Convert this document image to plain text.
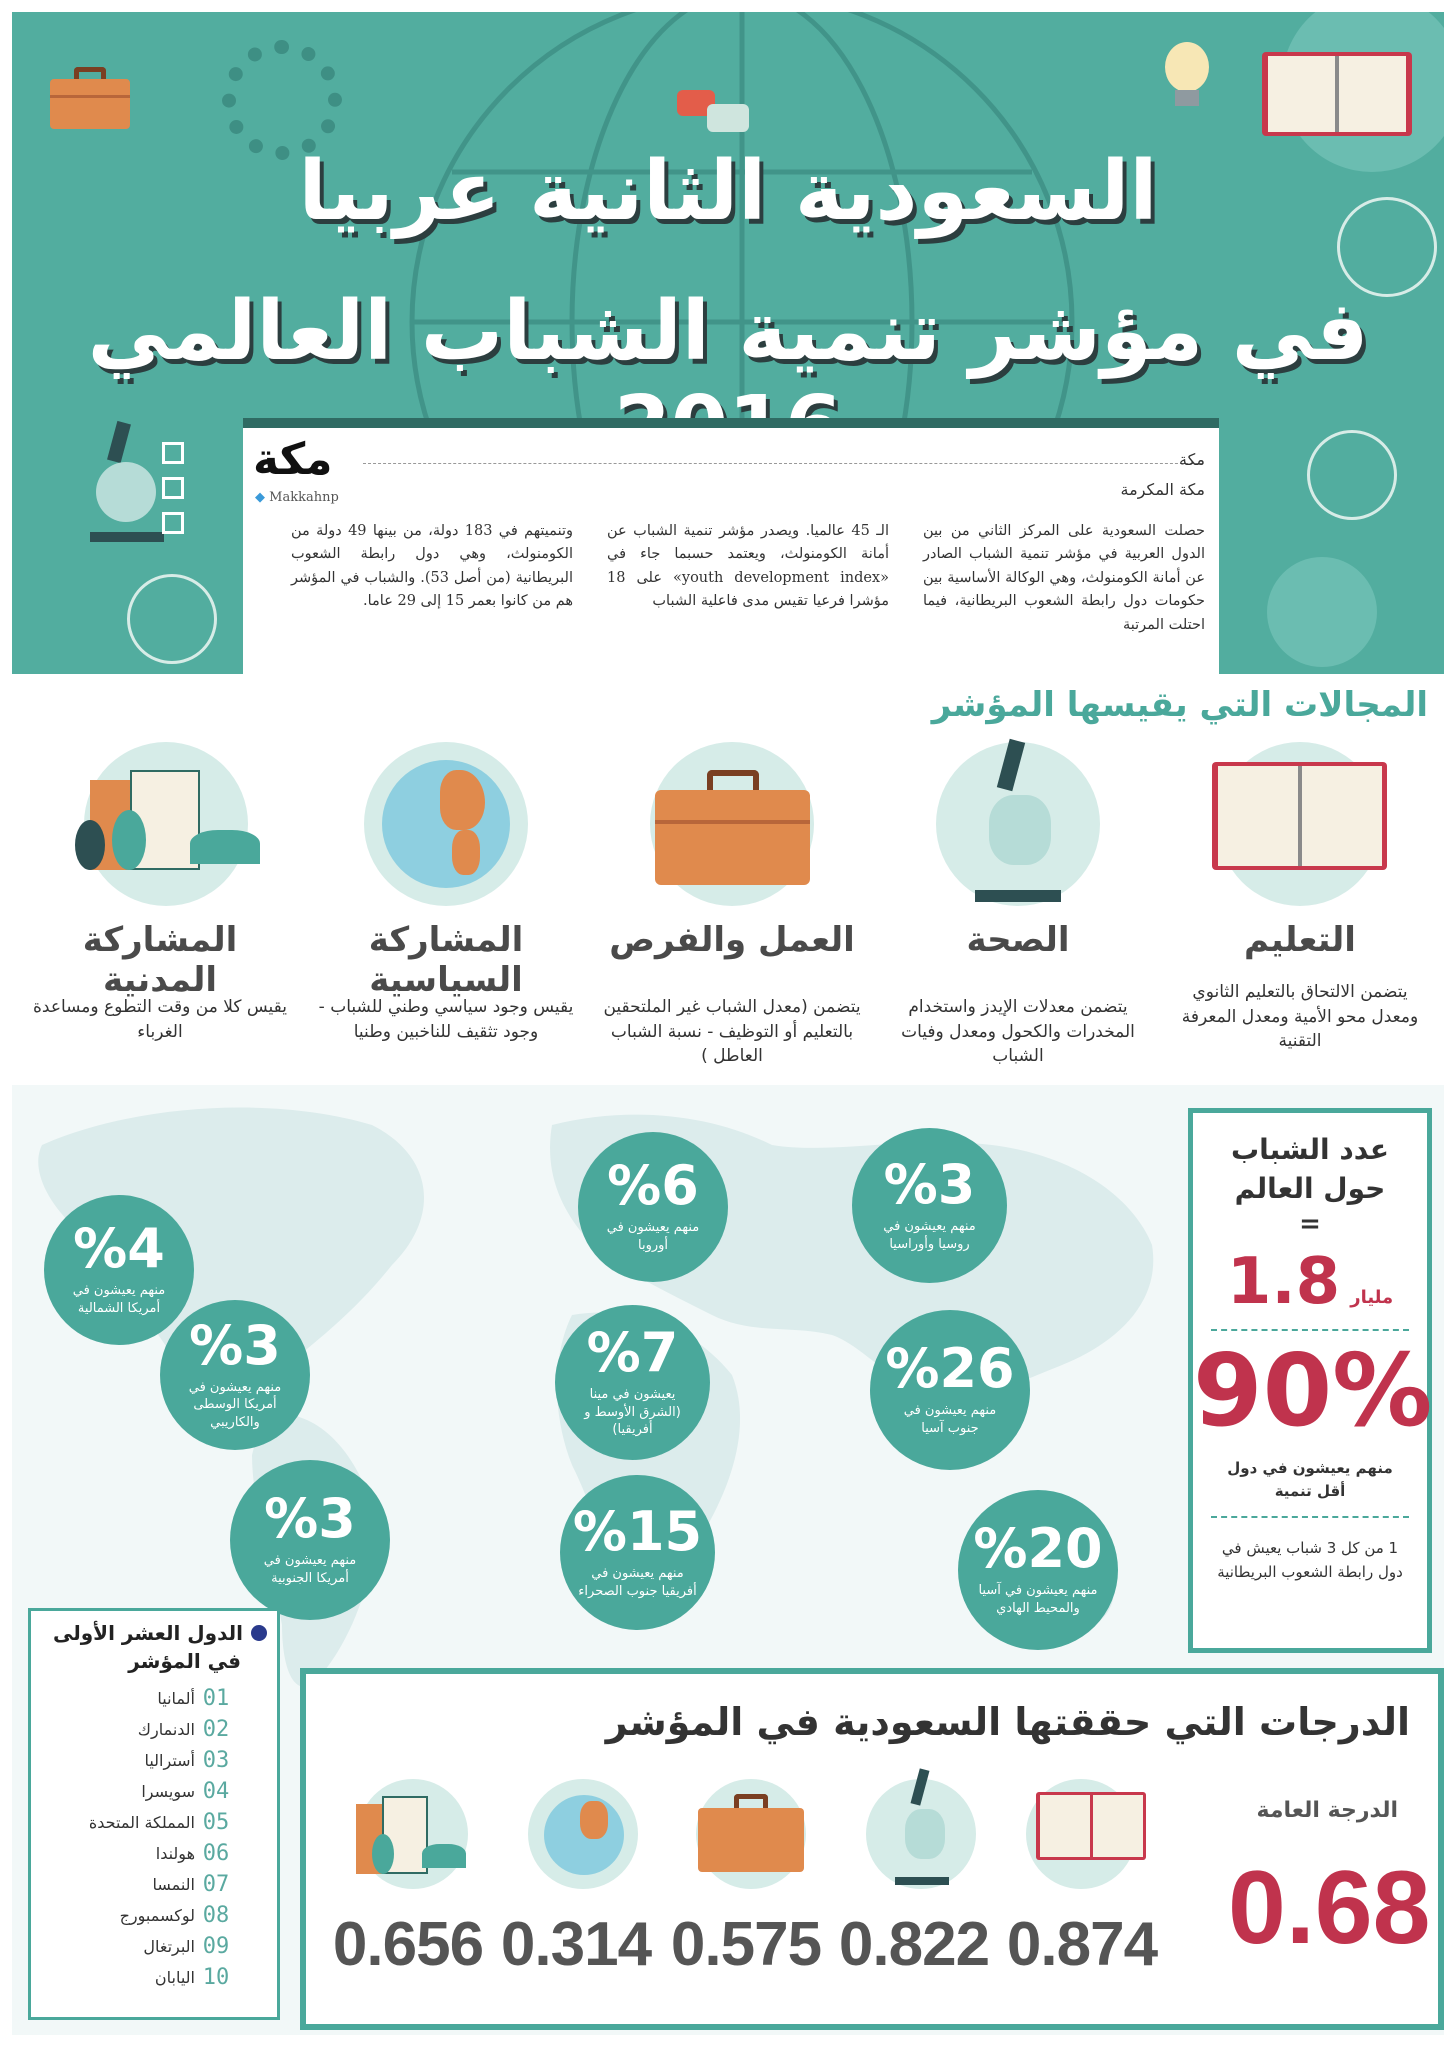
السعودية الثانية عربيا
في مؤشر تنمية الشباب العالمي
مكة
◆ Makkahnp
مكة
مكة المكرمة
حصلت السعودية على المركز الثاني من بين الدول العربية في مؤشر تنمية الشباب الصادر عن أمانة الكومنولث، وهي الوكالة الأساسية بين حكومات دول رابطة الشعوب البريطانية، فيما احتلت المرتبة
الـ 45 عالميا. ويصدر مؤشر تنمية الشباب عن أمانة الكومنولث، ويعتمد حسبما جاء في «youth development index» على 18 مؤشرا فرعيا تقيس مدى فاعلية الشباب
وتنميتهم في 183 دولة، من بينها 49 دولة من الكومنولث، وهي دول رابطة الشعوب البريطانية (من أصل 53). والشباب في المؤشر هم من كانوا بعمر 15 إلى 29 عاما.
المجالات التي يقيسها المؤشر
التعليم
يتضمن الالتحاق بالتعليم الثانوي ومعدل محو الأمية ومعدل المعرفة التقنية
الصحة
يتضمن معدلات الإيدز واستخدام المخدرات والكحول ومعدل وفيات الشباب
العمل والفرص
يتضمن (معدل الشباب غير الملتحقين بالتعليم أو التوظيف - نسبة الشباب العاطل )
المشاركة السياسية
يقيس وجود سياسي وطني للشباب - وجود تثقيف للناخبين وطنيا
المشاركة المدنية
يقيس كلا من وقت التطوع ومساعدة الغرباء
%4
منهم يعيشون في أمريكا الشمالية
%3
منهم يعيشون في أمريكا الوسطى والكاريبي
%3
منهم يعيشون في أمريكا الجنوبية
%6
منهم يعيشون في أوروبا
%7
يعيشون في مينا (الشرق الأوسط و أفريقيا)
%15
منهم يعيشون في أفريقيا جنوب الصحراء
%3
منهم يعيشون في روسيا وأوراسيا
%26
منهم يعيشون في جنوب آسيا
%20
منهم يعيشون في آسيا والمحيط الهادي
عدد الشباب
حول العالم
=
مليار
1.8
90%
منهم يعيشون في دول أقل تنمية
1 من كل 3 شباب يعيش في دول رابطة الشعوب البريطانية
الدول العشر الأولى
في المؤشر
01
ألمانيا
02
الدنمارك
03
أستراليا
04
سويسرا
05
المملكة المتحدة
06
هولندا
07
النمسا
08
لوكسمبورج
09
البرتغال
10
اليابان
الدرجات التي حققتها السعودية في المؤشر
الدرجة العامة
0.68
0.874
0.822
0.575
0.314
0.656
